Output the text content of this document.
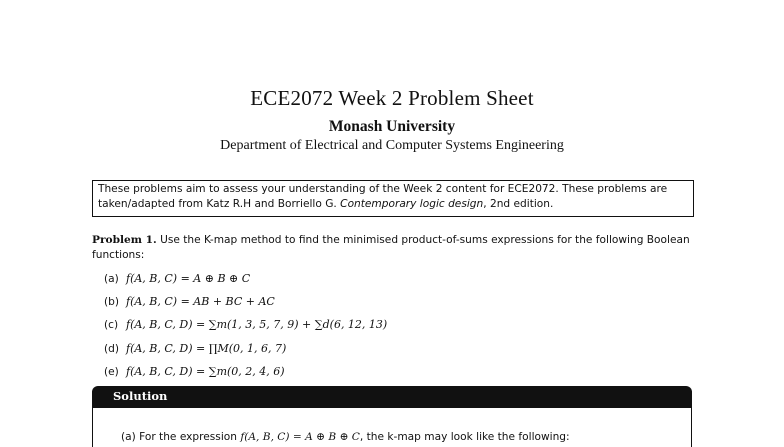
ECE2072 Week 2 Problem Sheet
Monash University
Department of Electrical and Computer Systems Engineering
These problems aim to assess your understanding of the Week 2 content for ECE2072. These problems are taken/adapted from Katz R.H and Borriello G. Contemporary logic design, 2nd edition.
Problem 1. Use the K-map method to find the minimised product-of-sums expressions for the following Boolean functions:
(a) f(A, B, C) = A ⊕ B ⊕ C
(b) f(A, B, C) = AB + BC + AC
(c) f(A, B, C, D) = ∑m(1, 3, 5, 7, 9) + ∑d(6, 12, 13)
(d) f(A, B, C, D) = ∏M(0, 1, 6, 7)
(e) f(A, B, C, D) = ∑m(0, 2, 4, 6)
Solution
(a) For the expression f(A, B, C) = A ⊕ B ⊕ C, the k-map may look like the following:
